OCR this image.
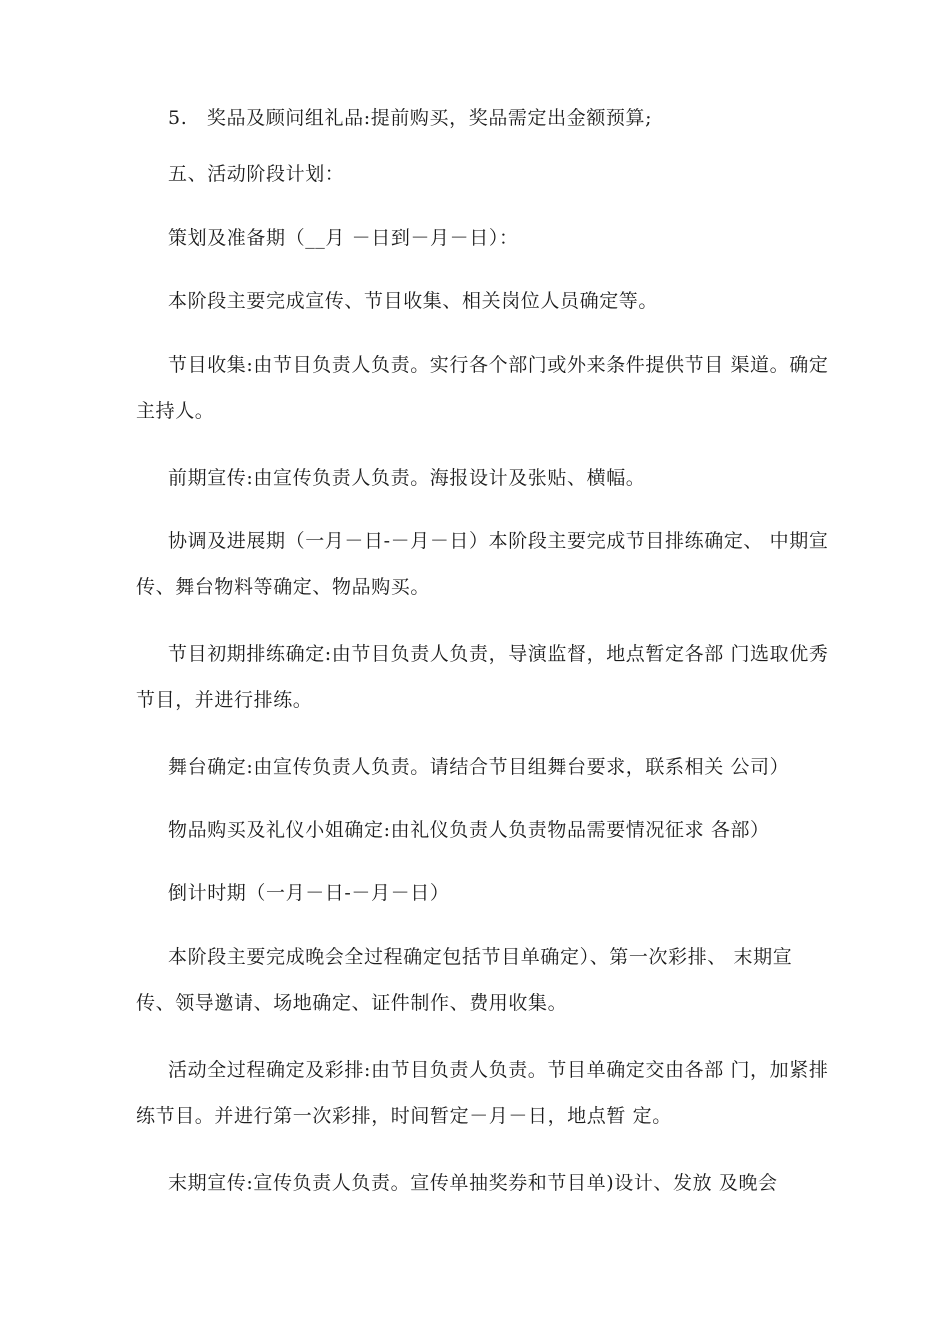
5.　奖品及顾问组礼品:提前购买，奖品需定出金额预算;

五、活动阶段计划：

策划及准备期（__月 －日到－月－日）：

本阶段主要完成宣传、节目收集、相关岗位人员确定等。

节目收集:由节目负责人负责。实行各个部门或外来条件提供节目 渠道。确定主持人。

前期宣传:由宣传负责人负责。海报设计及张贴、横幅。

协调及进展期（一月－日-－月－日）本阶段主要完成节目排练确定、 中期宣传、舞台物料等确定、物品购买。

节目初期排练确定:由节目负责人负责，导演监督，地点暂定各部 门选取优秀节目，并进行排练。

舞台确定:由宣传负责人负责。请结合节目组舞台要求，联系相关 公司）

物品购买及礼仪小姐确定:由礼仪负责人负责物品需要情况征求 各部）

倒计时期（一月－日-－月－日）

本阶段主要完成晚会全过程确定包括节目单确定）、第一次彩排、 末期宣传、领导邀请、场地确定、证件制作、费用收集。

活动全过程确定及彩排:由节目负责人负责。节目单确定交由各部 门，加紧排练节目。并进行第一次彩排，时间暂定－月－日，地点暂 定。

末期宣传:宣传负责人负责。宣传单抽奖券和节目单)设计、发放 及晚会
